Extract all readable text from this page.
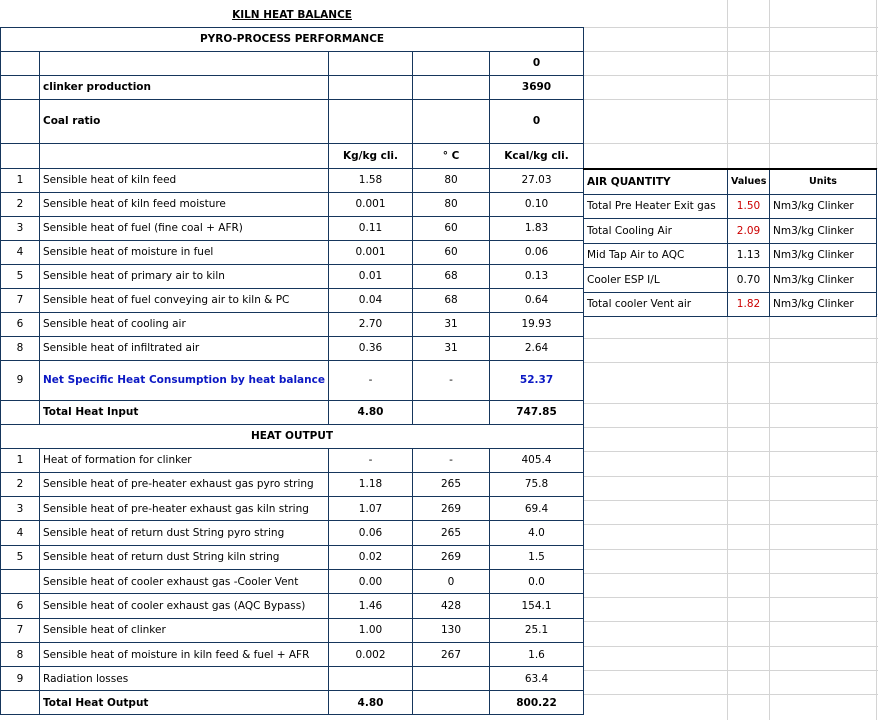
KILN HEAT BALANCE				
PYRO-PROCESS PERFORMANCE				
				0
	clinker production			3690
	Coal ratio			0
		Kg/kg cli.	° C	Kcal/kg cli.
1	Sensible heat of kiln feed	1.58	80	27.03
2	Sensible heat of kiln feed moisture	0.001	80	0.10
3	Sensible heat of fuel (fine coal + AFR)	0.11	60	1.83
4	Sensible heat of moisture in fuel	0.001	60	0.06
5	Sensible heat of primary air to kiln	0.01	68	0.13
7	Sensible heat of fuel conveying air to kiln & PC	0.04	68	0.64
6	Sensible heat of cooling air	2.70	31	19.93
8	Sensible heat of infiltrated air	0.36	31	2.64
9	Net Specific Heat Consumption by heat balance	-	-	52.37
	Total Heat Input	4.80		747.85
HEAT OUTPUT				
1	Heat of formation for clinker	-	-	405.4
2	Sensible heat of pre-heater exhaust gas pyro string	1.18	265	75.8
3	Sensible heat of pre-heater exhaust gas kiln string	1.07	269	69.4
4	Sensible heat of return dust String pyro string	0.06	265	4.0
5	Sensible heat of return dust String kiln string	0.02	269	1.5
	Sensible heat of cooler exhaust gas -Cooler Vent	0.00	0	0.0
6	Sensible heat of cooler exhaust gas (AQC Bypass)	1.46	428	154.1
7	Sensible heat of clinker	1.00	130	25.1
8	Sensible heat of moisture in kiln feed & fuel + AFR	0.002	267	1.6
9	Radiation losses			63.4
	Total Heat Output	4.80		800.22
AIR QUANTITY	Values	Units
Total Pre Heater Exit gas	1.50	Nm3/kg Clinker
Total Cooling Air	2.09	Nm3/kg Clinker
Mid Tap Air to AQC	1.13	Nm3/kg Clinker
Cooler ESP I/L	0.70	Nm3/kg Clinker
Total cooler Vent air	1.82	Nm3/kg Clinker
